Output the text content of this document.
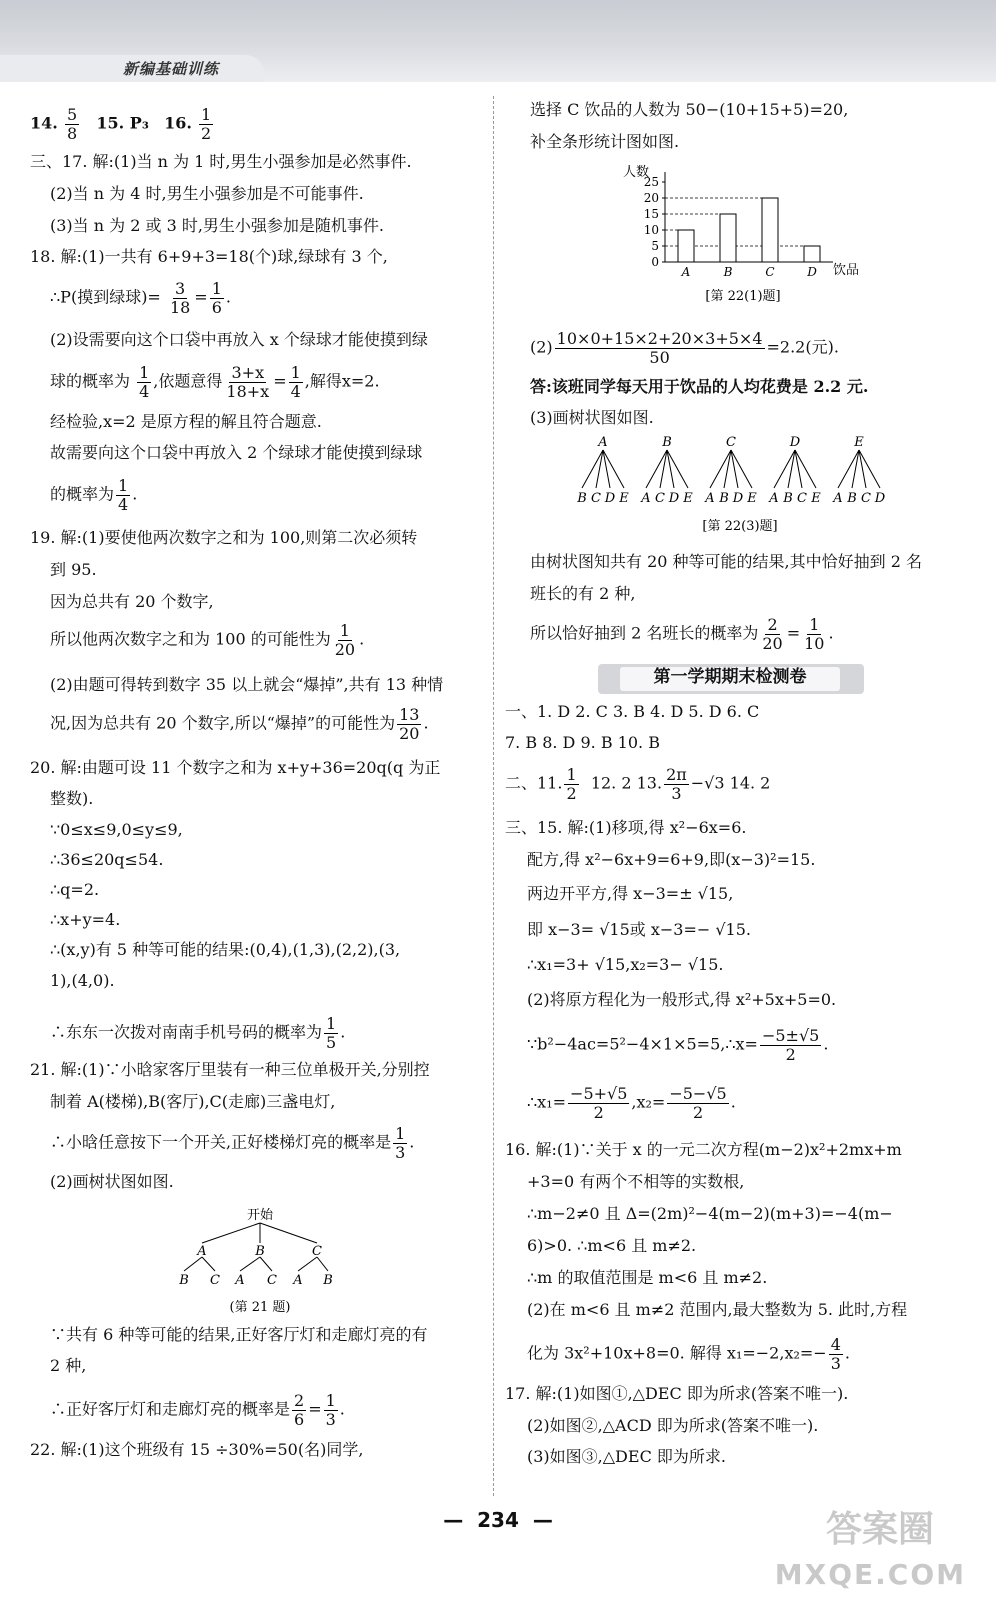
新编基础训练
14. $\frac{5}{8} 15$. P₃ 16. $\frac{1}{2}$
三、17. 解:(1)当 n 为 1 时,男生小强参加是必然事件.
(2)当 n 为 4 时,男生小强参加是不可能事件.
(3)当 n 为 2 或 3 时,男生小强参加是随机事件.
18. 解:(1)一共有 6+9+3=18(个)球,绿球有 3 个,
∴P(摸到绿球)= $\frac{3}{18} = \frac{1}{6}$ .
(2)设需要向这个口袋中再放入 x 个绿球才能使摸到绿
球的概率为 $\frac{1}{4}$ ,依题意得 $\frac{3+x}{18+x} = \frac{1}{4}$ ,解得x=2.
经检验,x=2 是原方程的解且符合题意.
故需要向这个口袋中再放入 2 个绿球才能使摸到绿球
的概率为 $\frac{1}{4}$ .
19. 解:(1)要使他两次数字之和为 100,则第二次必须转
到 95.
因为总共有 20 个数字,
所以他两次数字之和为 100 的可能性为 $\frac{1}{20}$ .
(2)由题可得转到数字 35 以上就会“爆掉”,共有 13 种情
况,因为总共有 20 个数字,所以“爆掉”的可能性为 $\frac{13}{20}$ .
20. 解:由题可设 11 个数字之和为 x+y+36=20q(q 为正
整数).
∵0≤x≤9,0≤y≤9,
∴36≤20q≤54.
∴q=2.
∴x+y=4.
∴(x,y)有 5 种等可能的结果:(0,4),(1,3),(2,2),(3,
1),(4,0).
∴东东一次拨对南南手机号码的概率为 $\frac{1}{5}$ .
21. 解:(1)∵小晗家客厅里装有一种三位单极开关,分别控
制着 A(楼梯),B(客厅),C(走廊)三盏电灯,
∴小晗任意按下一个开关,正好楼梯灯亮的概率是 $\frac{1}{3}$ .
(2)画树状图如图.
开始
A	B	C
B C A C A B
(第 21 题)
∵共有 6 种等可能的结果,正好客厅灯和走廊灯亮的有
2 种,
∴正好客厅灯和走廊灯亮的概率是 $\frac{2}{6} = \frac{1}{3}$ .
22. 解:(1)这个班级有 15 ÷30%=50(名)同学,
选择 C 饮品的人数为 50−(10+15+5)=20,
补全条形统计图如图.
人数
0
5
10
15
20
25
A	B	C	D 饮品
[第 22(1)题]
$(2) \frac{10\times 0+15\times 2+20\times 3+5\times 4}{50} =2.2$(元).
答:该班同学每天用于饮品的人均花费是 2.2 元.
(3)画树状图如图.
A
B C D E
B
A C D E
C
A B D E
D
A B C E
E
A B C D
[第 22(3)题]
由树状图知共有 20 种等可能的结果,其中恰好抽到 2 名
班长的有 2 种,
所以恰好抽到 2 名班长的概率为 $\frac{2}{20} = \frac{1}{10}$ .
第一学期期末检测卷
一、1. D 2. C 3. B 4. D 5. D 6. C
7. B 8. D 9. B 10. B
二、11. $\frac{1}{2} 12$. 2 13. $\frac{2\pi}{3} -√3$ 14. 2
三、15. 解:(1)移项,得 x²−6x=6.
配方,得 x²−6x+9=6+9,即(x−3)²=15.
两边开平方,得 x−3=± √15,
即 x−3= √15或 x−3=− √15.
∴x₁=3+ √15,x₂=3− √15.
(2)将原方程化为一般形式,得 x²+5x+5=0.
∵b²−4ac=5²−4×1×5=5,∴x= $\frac{-5\pm√5}{2}$ .
∴x₁= $\frac{-5+√5}{2} ,x_2= \frac{-5-√5}{2}$ .
16. 解:(1)∵关于 x 的一元二次方程(m−2)x²+2mx+m
+3=0 有两个不相等的实数根,
∴m−2≠0 且 Δ=(2m)²−4(m−2)(m+3)=−4(m−
6)>0. ∴m<6 且 m≠2.
∴m 的取值范围是 m<6 且 m≠2.
(2)在 m<6 且 m≠2 范围内,最大整数为 5. 此时,方程
化为 3x²+10x+8=0. 解得 $x_1=-2,x_2=- \frac{4}{3}$ .
17. 解:(1)如图①,△DEC 即为所求(答案不唯一).
(2)如图②,△ACD 即为所求(答案不唯一).
(3)如图③,△DEC 即为所求.
— 234 —	答案圈
MXQE.COM
